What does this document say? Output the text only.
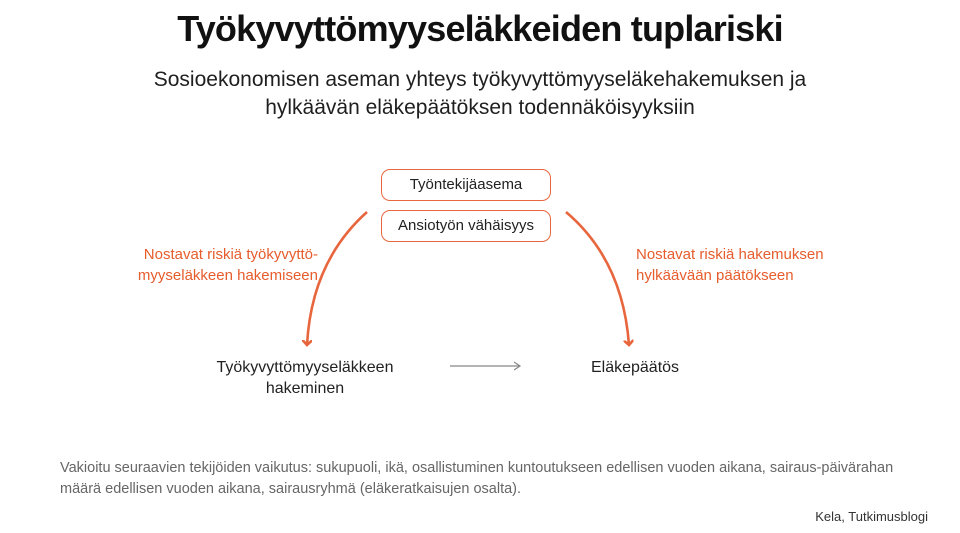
Työkyvyttömyyseläkkeiden tuplariski
Sosioekonomisen aseman yhteys työkyvyttömyyseläkehakemuksen ja hylkäävän eläkepäätöksen todennäköisyyksiin
Työntekijäasema
Ansiotyön vähäisyys
Nostavat riskiä työkyvyttö-
myyseläkkeen hakemiseen
Nostavat riskiä hakemuksen
hylkäävään päätökseen
Työkyvyttömyyseläkkeen
hakeminen
Eläkepäätös
Vakioitu seuraavien tekijöiden vaikutus: sukupuoli, ikä, osallistuminen kuntoutukseen edellisen vuoden aikana, sairaus-päivärahan määrä edellisen vuoden aikana, sairausryhmä (eläkeratkaisujen osalta).
Kela, Tutkimusblogi
